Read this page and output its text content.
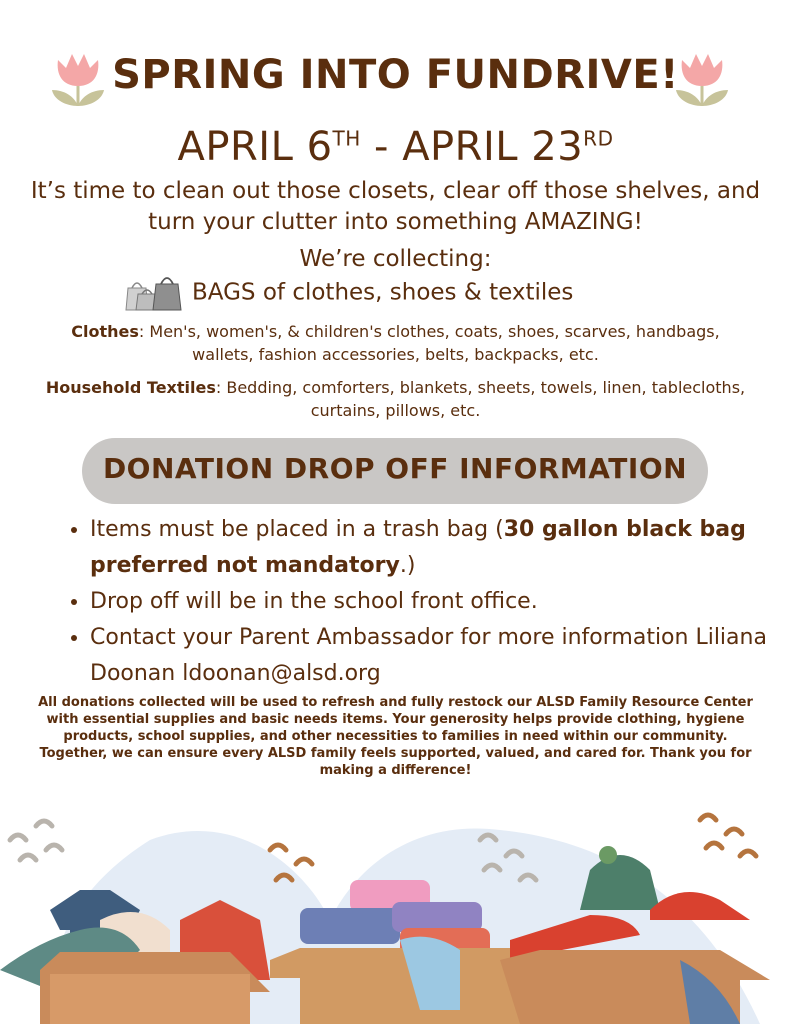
SPRING INTO FUNDRIVE!
APRIL 6TH - APRIL 23RD
It’s time to clean out those closets, clear off those shelves, and turn your clutter into something AMAZING!
We’re collecting:
BAGS of clothes, shoes & textiles
Clothes: Men's, women's, & children's clothes, coats, shoes, scarves, handbags, wallets, fashion accessories, belts, backpacks, etc.
Household Textiles: Bedding, comforters, blankets, sheets, towels, linen, tablecloths, curtains, pillows, etc.
DONATION DROP OFF INFORMATION
• Items must be placed in a trash bag (30 gallon black bag preferred not mandatory.)
• Drop off will be in the school front office.
• Contact your Parent Ambassador for more information Liliana Doonan ldoonan@alsd.org
All donations collected will be used to refresh and fully restock our ALSD Family Resource Center with essential supplies and basic needs items. Your generosity helps provide clothing, hygiene products, school supplies, and other necessities to families in need within our community.
Together, we can ensure every ALSD family feels supported, valued, and cared for. Thank you for making a difference!
